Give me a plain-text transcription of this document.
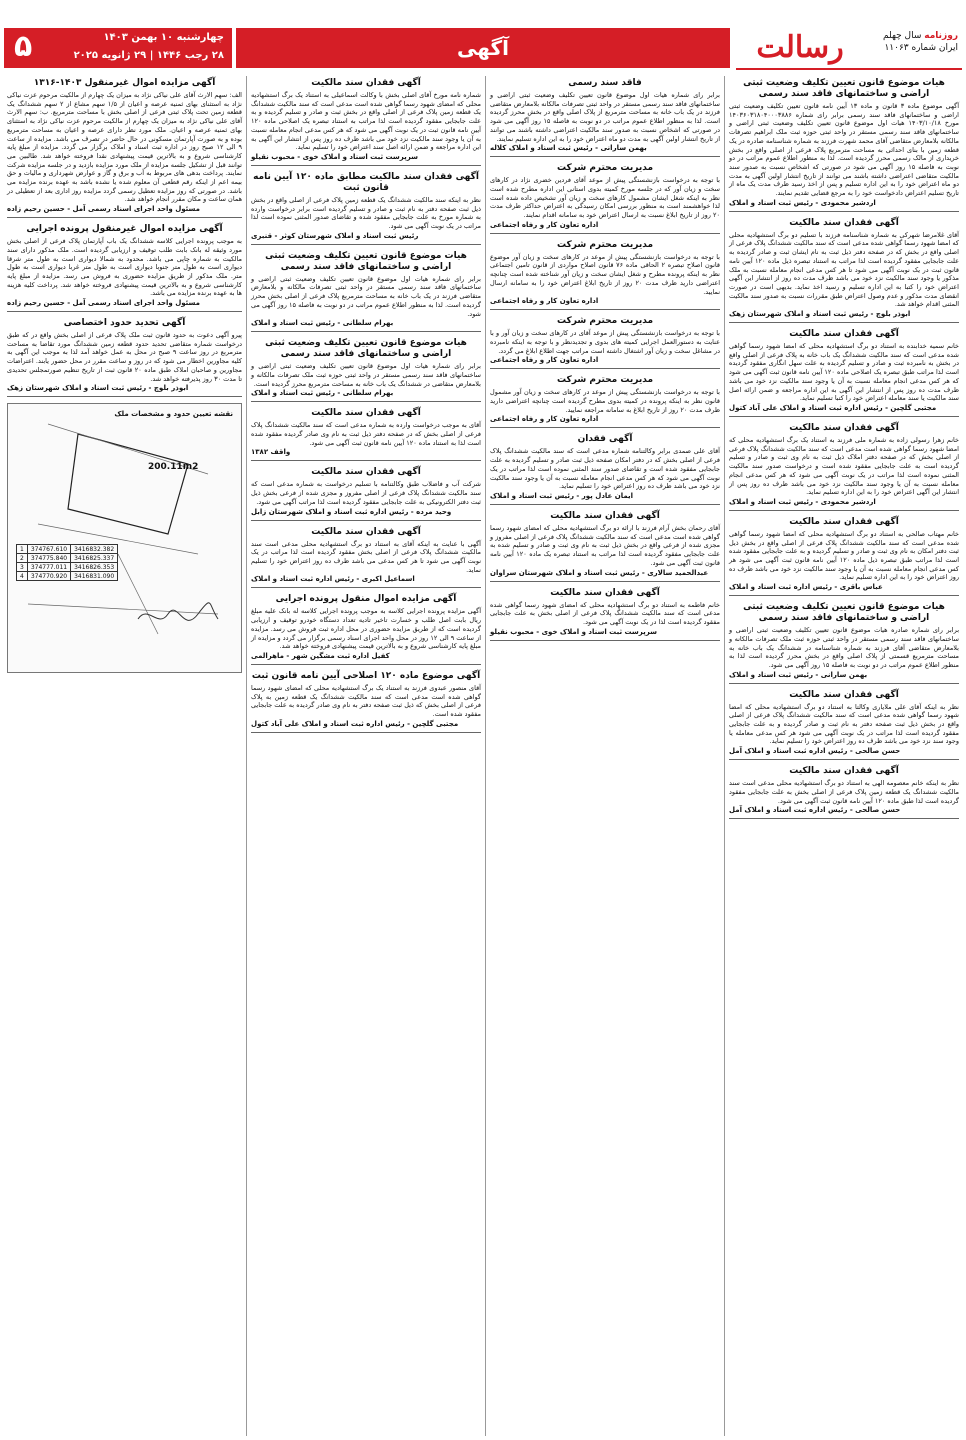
۵	چهارشنبه ۱۰ بهمن ۱۴۰۳
۲۸ رجب ۱۴۴۶ | ۲۹ ژانویه ۲۰۲۵	آگهی	رسالت	روزنامه سال چهلم
ایران شماره ۱۱۰۶۳
هیات موضوع قانون تعیین تکلیف وضعیت ثبتی اراضی و ساختمانهای فاقد سند رسمی

آگهی موضوع ماده ۳ قانون و ماده ۱۳ آیین نامه قانون تعیین تکلیف وضعیت ثبتی اراضی و ساختمانهای فاقد سند رسمی برابر رای شماره ۱۴۰۳۶۰۳۱۸۰۴۰۰۰۳۸۸۶ مورخ ۱۴۰۳/۱۰/۱۸ هیات اول موضوع قانون تعیین تکلیف وضعیت ثبتی اراضی و ساختمانهای فاقد سند رسمی مستقر در واحد ثبتی حوزه ثبت ملک ابراهیم تصرفات مالکانه بلامعارض متقاضی آقای محمد شهرت فرزند به شماره شناسنامه صادره در یک قطعه زمین با بنای احداثی به مساحت مترمربع پلاک فرعی از اصلی واقع در بخش خریداری از مالک رسمی محرز گردیده است. لذا به منظور اطلاع عموم مراتب در دو نوبت به فاصله ۱۵ روز آگهی می شود در صورتی که اشخاص نسبت به صدور سند مالکیت متقاضی اعتراضی داشته باشند می توانند از تاریخ انتشار اولین آگهی به مدت دو ماه اعتراض خود را به این اداره تسلیم و پس از اخذ رسید ظرف مدت یک ماه از تاریخ تسلیم اعتراض دادخواست خود را به مرجع قضایی تقدیم نمایند.

اردشیر محمودی - رئیس ثبت اسناد و املاک
آگهی فقدان سند مالکیت

آقای غلامرضا شهرکی به شماره شناسنامه فرزند با تسلیم دو برگ استشهادیه محلی که امضا شهود رسما گواهی شده مدعی است که سند مالکیت ششدانگ پلاک فرعی از اصلی واقع در بخش که در صفحه دفتر ذیل ثبت به نام ایشان ثبت و صادر گردیده به علت جابجایی مفقود گردیده است لذا مراتب به استناد تبصره ذیل ماده ۱۲۰ آیین نامه قانون ثبت در یک نوبت آگهی می شود تا هر کس مدعی انجام معامله نسبت به ملک مذکور یا وجود سند مالکیت نزد خود می باشد ظرف مدت ده روز از انتشار این آگهی اعتراض خود را کتبا به این اداره تسلیم و رسید اخذ نماید. بدیهی است در صورت انقضای مدت مذکور و عدم وصول اعتراض طبق مقررات نسبت به صدور سند مالکیت المثنی اقدام خواهد شد.

ابوذر بلوچ - رئیس ثبت اسناد و املاک شهرستان زهک
آگهی فقدان سند مالکیت

خانم سمیه خدابنده به استناد دو برگ استشهادیه محلی که امضا شهود رسما گواهی شده مدعی است که سند مالکیت ششدانگ یک باب خانه به پلاک فرعی از اصلی واقع در بخش به نامبرده ثبت و صادر و تسلیم گردیده به علت سهل انگاری مفقود گردیده است لذا مراتب طبق تبصره یک اصلاحی ماده ۱۲۰ آیین نامه قانون ثبت آگهی می شود که هر کس مدعی انجام معامله نسبت به آن یا وجود سند مالکیت نزد خود می باشد ظرف مدت ده روز پس از انتشار این آگهی به این اداره مراجعه و ضمن ارائه اصل سند مالکیت یا سند معامله اعتراض خود را کتبا تسلیم نماید.

مجتبی گلچین - رئیس اداره ثبت اسناد و املاک علی آباد کتول
آگهی فقدان سند مالکیت

خانم زهرا رسولی زاده به شماره ملی فرزند به استناد یک برگ استشهادیه محلی که امضا شهود رسما گواهی شده است مدعی است که سند مالکیت ششدانگ پلاک فرعی از اصلی بخش که در صفحه دفتر املاک ذیل ثبت به نام وی ثبت و صادر و تسلیم گردیده است به علت جابجایی مفقود شده است و درخواست صدور سند مالکیت المثنی نموده است لذا مراتب در یک نوبت آگهی می شود که هر کس مدعی انجام معامله نسبت به آن یا وجود سند مالکیت نزد خود می باشد ظرف ده روز پس از انتشار این آگهی اعتراض خود را به این اداره تسلیم نماید.

اردشیر محمودی - رئیس ثبت اسناد و املاک
آگهی فقدان سند مالکیت

خانم مهتاب صالحی به استناد دو برگ استشهادیه محلی که امضا شهود رسما گواهی شده مدعی است که سند مالکیت ششدانگ پلاک فرعی از اصلی واقع در بخش ذیل ثبت دفتر امکان به نام وی ثبت و صادر و تسلیم گردیده و به علت جابجایی مفقود شده است لذا مراتب طبق تبصره ذیل ماده ۱۲۰ آیین نامه قانون ثبت آگهی می شود هر کس مدعی انجام معامله نسبت به آن یا وجود سند مالکیت نزد خود می باشد ظرف ده روز اعتراض خود را به این اداره تسلیم نماید.

عباس باقری - رئیس اداره ثبت اسناد و املاک
هیات موضوع قانون تعیین تکلیف وضعیت ثبتی اراضی و ساختمانهای فاقد سند رسمی

برابر رای شماره صادره هیات موضوع قانون تعیین تکلیف وضعیت ثبتی اراضی و ساختمانهای فاقد سند رسمی مستقر در واحد ثبتی حوزه ثبت ملک تصرفات مالکانه و بلامعارض متقاضی آقای فرزند به شماره شناسنامه در ششدانگ یک باب خانه به مساحت مترمربع قسمتی از پلاک اصلی واقع در بخش محرز گردیده است لذا به منظور اطلاع عموم مراتب در دو نوبت به فاصله ۱۵ روز آگهی می شود.

بهمن سارانی - رئیس ثبت اسناد و املاک
آگهی فقدان سند مالکیت

نظر به اینکه آقای علی ملایاری وکالتا به استناد دو برگ استشهادیه محلی که امضا شهود رسما گواهی شده مدعی است که سند مالکیت ششدانگ پلاک فرعی از اصلی واقع در بخش ذیل ثبت صفحه دفتر به نام ثبت و صادر گردیده و به علت جابجایی مفقود گردیده است لذا مراتب در یک نوبت آگهی می شود هر کس مدعی معامله یا وجود سند نزد خود می باشد ظرف ده روز اعتراض خود را تسلیم نماید.

حسن صالحی - رئیس اداره ثبت اسناد و املاک آمل
آگهی فقدان سند مالکیت

نظر به اینکه خانم معصومه الهی به استناد دو برگ استشهادیه محلی مدعی است سند مالکیت ششدانگ یک قطعه زمین پلاک فرعی از اصلی بخش به علت جابجایی مفقود گردیده است لذا طبق ماده ۱۲۰ آیین نامه قانون ثبت آگهی می شود.

حسن صالحی - رئیس اداره ثبت اسناد و املاک آمل
فاقد سند رسمی

برابر رای شماره هیات اول موضوع قانون تعیین تکلیف وضعیت ثبتی اراضی و ساختمانهای فاقد سند رسمی مستقر در واحد ثبتی تصرفات مالکانه بلامعارض متقاضی فرزند در یک باب خانه به مساحت مترمربع از پلاک اصلی واقع در بخش محرز گردیده است. لذا به منظور اطلاع عموم مراتب در دو نوبت به فاصله ۱۵ روز آگهی می شود در صورتی که اشخاص نسبت به صدور سند مالکیت اعتراضی داشته باشند می توانند از تاریخ انتشار اولین آگهی به مدت دو ماه اعتراض خود را به این اداره تسلیم نمایند.

بهمن سارانی - رئیس ثبت اسناد و املاک کلاله
مدیریت محترم شرکت

با توجه به درخواست بازنشستگی پیش از موعد آقای فردین خضری نژاد در کارهای سخت و زیان آور که در جلسه مورخ کمیته بدوی استانی این اداره مطرح شده است نظر به اینکه شغل ایشان مشمول کارهای سخت و زیان آور تشخیص داده شده است لذا خواهشمند است به منظور بررسی امکان رسیدگی به اعتراض حداکثر ظرف مدت ۲۰ روز از تاریخ ابلاغ نسبت به ارسال اعتراض خود به سامانه اقدام نمایند.

اداره تعاون کار و رفاه اجتماعی
مدیریت محترم شرکت

با توجه به درخواست بازنشستگی پیش از موعد در کارهای سخت و زیان آور موضوع قانون اصلاح تبصره ۲ الحاقی ماده ۷۶ قانون اصلاح مواردی از قانون تامین اجتماعی نظر به اینکه پرونده مطرح و شغل ایشان سخت و زیان آور شناخته شده است چنانچه اعتراضی دارید ظرف مدت ۲۰ روز از تاریخ ابلاغ اعتراض خود را به سامانه ارسال نمایید.

اداره تعاون کار و رفاه اجتماعی
مدیریت محترم شرکت

با توجه به درخواست بازنشستگی پیش از موعد آقای در کارهای سخت و زیان آور و با عنایت به دستورالعمل اجرایی کمیته های بدوی و تجدیدنظر و با توجه به اینکه نامبرده در مشاغل سخت و زیان آور اشتغال داشته است مراتب جهت اطلاع ابلاغ می گردد.

اداره تعاون کار و رفاه اجتماعی
مدیریت محترم شرکت

با توجه به درخواست بازنشستگی پیش از موعد در کارهای سخت و زیان آور مشمول قانون نظر به اینکه پرونده در کمیته بدوی مطرح گردیده است چنانچه اعتراضی دارید ظرف مدت ۲۰ روز از تاریخ ابلاغ به سامانه مراجعه نمایید.

اداره تعاون کار و رفاه اجتماعی
آگهی فقدان

آقای علی صمدی برابر وکالتنامه شماره مدعی است که سند مالکیت ششدانگ پلاک فرعی از اصلی بخش که در دفتر امکان صفحه ذیل ثبت صادر و تسلیم گردیده به علت جابجایی مفقود شده است و تقاضای صدور سند المثنی نموده است لذا مراتب در یک نوبت آگهی می شود که هر کس مدعی انجام معامله نسبت به آن یا وجود سند مالکیت نزد خود می باشد ظرف ده روز اعتراض خود را تسلیم نماید.

ایمان عادل پور - رئیس ثبت اسناد و املاک
آگهی فقدان سند مالکیت

آقای رحمان بخش آرام فرزند با ارائه دو برگ استشهادیه محلی که امضای شهود رسما گواهی شده است مدعی است که سند مالکیت ششدانگ پلاک فرعی از اصلی مفروز و مجزی شده از فرعی واقع در بخش ذیل ثبت به نام وی ثبت و صادر و تسلیم شده به علت جابجایی مفقود گردیده است لذا مراتب به استناد تبصره یک ماده ۱۲۰ آیین نامه قانون ثبت آگهی می شود.

عبدالحمید سالاری - رئیس ثبت اسناد و املاک شهرستان سراوان
آگهی فقدان سند مالکیت

خانم فاطمه به استناد دو برگ استشهادیه محلی که امضای شهود رسما گواهی شده مدعی است که سند مالکیت ششدانگ پلاک فرعی از اصلی بخش به علت جابجایی مفقود گردیده است لذا در یک نوبت آگهی می شود.

سرپرست ثبت اسناد و املاک خوی - محبوب نقیلو
آگهی فقدان سند مالکیت

شماره نامه مورخ آقای اصلی بخش با وکالت اسماعیلی به استناد یک برگ استشهادیه محلی که امضای شهود رسما گواهی شده است مدعی است که سند مالکیت ششدانگ یک قطعه زمین پلاک فرعی از اصلی واقع در بخش ثبت و صادر و تسلیم گردیده و به علت جابجایی مفقود گردیده است لذا مراتب به استناد تبصره یک اصلاحی ماده ۱۲۰ آیین نامه قانون ثبت در یک نوبت آگهی می شود که هر کس مدعی انجام معامله نسبت به آن یا وجود سند مالکیت نزد خود می باشد ظرف ده روز پس از انتشار این آگهی به این اداره مراجعه و ضمن ارائه اصل سند اعتراض خود را تسلیم نماید.

سرپرست ثبت اسناد و املاک خوی - محبوب نقیلو
آگهی فقدان سند مالکیت مطابق ماده ۱۲۰ آیین نامه قانون ثبت

نظر به اینکه سند مالکیت ششدانگ یک قطعه زمین پلاک فرعی از اصلی واقع در بخش ذیل ثبت صفحه دفتر به نام ثبت و صادر و تسلیم گردیده است برابر درخواست وارده به شماره مورخ به علت جابجایی مفقود شده و تقاضای صدور المثنی نموده است لذا مراتب در یک نوبت آگهی می شود.

رئیس ثبت اسناد و املاک شهرستان کوثر - قنبری
هیات موضوع قانون تعیین تکلیف وضعیت ثبتی اراضی و ساختمانهای فاقد سند رسمی

برابر رای شماره هیات اول موضوع قانون تعیین تکلیف وضعیت ثبتی اراضی و ساختمانهای فاقد سند رسمی مستقر در واحد ثبتی تصرفات مالکانه و بلامعارض متقاضی فرزند در یک باب خانه به مساحت مترمربع پلاک فرعی از اصلی بخش محرز گردیده است. لذا به منظور اطلاع عموم مراتب در دو نوبت به فاصله ۱۵ روز آگهی می شود.

بهرام سلطانی - رئیس ثبت اسناد و املاک
هیات موضوع قانون تعیین تکلیف وضعیت ثبتی اراضی و ساختمانهای فاقد سند رسمی

برابر رای شماره هیات اول موضوع قانون تعیین تکلیف وضعیت ثبتی اراضی و ساختمانهای فاقد سند رسمی مستقر در واحد ثبتی حوزه ثبت ملک تصرفات مالکانه و بلامعارض متقاضی در ششدانگ یک باب خانه به مساحت مترمربع محرز گردیده است.

بهرام سلطانی - رئیس ثبت اسناد و املاک
آگهی فقدان سند مالکیت

آقای به موجب درخواست وارده به شماره مدعی است که سند مالکیت ششدانگ پلاک فرعی از اصلی بخش که در صفحه دفتر ذیل ثبت به نام وی صادر گردیده مفقود شده است لذا به استناد ماده ۱۲۰ آیین نامه قانون ثبت آگهی می شود.

واقف ۱۳۸۲
آگهی فقدان سند مالکیت

شرکت آب و فاضلاب طبق وکالتنامه با تسلیم درخواست به شماره مدعی است که سند مالکیت ششدانگ پلاک فرعی از اصلی مفروز و مجزی شده از فرعی بخش ذیل ثبت دفتر الکترونیکی به علت جابجایی مفقود گردیده است لذا مراتب آگهی می شود.

وحید مرده - رئیس اداره ثبت اسناد و املاک شهرستان زابل
آگهی فقدان سند مالکیت

آگهی با عنایت به اینکه آقای به استناد دو برگ استشهادیه محلی مدعی است سند مالکیت ششدانگ پلاک فرعی از اصلی بخش مفقود گردیده است لذا مراتب در یک نوبت آگهی می شود تا هر کس مدعی می باشد ظرف ده روز اعتراض خود را تسلیم نماید.

اسماعیل اکبری - رئیس اداره ثبت اسناد و املاک
آگهی مزایده اموال منقول پرونده اجرایی

آگهی مزایده پرونده اجرایی کلاسه به موجب پرونده اجرایی کلاسه له بانک علیه مبلغ ریال بابت اصل طلب و خسارت تاخیر تادیه تعداد دستگاه خودرو توقیف و ارزیابی گردیده است که از طریق مزایده حضوری در محل اداره ثبت فروش می رسد. مزایده از ساعت ۹ الی ۱۲ روز در محل واحد اجرای اسناد رسمی برگزار می گردد و مزایده از مبلغ پایه کارشناسی شروع و به بالاترین قیمت پیشنهادی فروخته خواهد شد.

کفیل اداره ثبت مشگین شهر - ماهرالمی
آگهی موضوع ماده ۱۲۰ اصلاحی آیین نامه قانون ثبت

آقای منصور عبدوی فرزند به استناد یک برگ استشهادیه محلی که امضای شهود رسما گواهی شده است مدعی است که سند مالکیت ششدانگ یک قطعه زمین به پلاک فرعی از اصلی بخش که ذیل ثبت صفحه دفتر به نام وی صادر گردیده به علت جابجایی مفقود شده است.

مجتبی گلچین - رئیس اداره ثبت اسناد و املاک علی آباد کتول
آگهی مزایده اموال غیرمنقول ۱۴۰۳-۱۳۱۶

الف: سهم الارث آقای علی نیاکی نژاد به میزان یک چهارم از مالکیت مرحوم عزت نیاکی نژاد به استثنای بهای ثمنیه عرصه و اعیان از ۱/۵ سهم مشاع از ۲ سهم ششدانگ یک قطعه زمین تحت پلاک ثبتی فرعی از اصلی بخش با مساحت مترمربع. ب: سهم الارث آقای علی نیاکی نژاد به میزان یک چهارم از مالکیت مرحوم عزت نیاکی نژاد به استثنای بهای ثمنیه عرصه و اعیان. ملک مورد نظر دارای عرصه و اعیان به مساحت مترمربع بوده و به صورت آپارتمان مسکونی در حال حاضر در تصرف می باشد. مزایده از ساعت ۹ الی ۱۲ صبح روز در اداره ثبت اسناد و املاک برگزار می گردد. مزایده از مبلغ پایه کارشناسی شروع و به بالاترین قیمت پیشنهادی نقدا فروخته خواهد شد. طالبین می توانند قبل از تشکیل جلسه مزایده از ملک مورد مزایده بازدید و در جلسه مزایده شرکت نمایند. پرداخت بدهی های مربوط به آب و برق و گاز و عوارض شهرداری و مالیات و حق بیمه اعم از اینکه رقم قطعی آن معلوم شده یا نشده باشد به عهده برنده مزایده می باشد. در صورتی که روز مزایده تعطیل رسمی گردد مزایده روز اداری بعد از تعطیلی در همان ساعت و مکان مقرر انجام خواهد شد.

مسئول واحد اجرای اسناد رسمی آمل - حسین رحیم زاده
آگهی مزایده اموال غیرمنقول پرونده اجرایی

به موجب پرونده اجرایی کلاسه ششدانگ یک باب آپارتمان پلاک فرعی از اصلی بخش مورد وثیقه له بانک بابت طلب توقیف و ارزیابی گردیده است. ملک مذکور دارای سند مالکیت به شماره چاپی می باشد. محدود به شمالا دیواری است به طول متر شرقا دیواری است به طول متر جنوبا دیواری است به طول متر غربا دیواری است به طول متر. ملک مذکور از طریق مزایده حضوری به فروش می رسد. مزایده از مبلغ پایه کارشناسی شروع و به بالاترین قیمت پیشنهادی فروخته خواهد شد. پرداخت کلیه هزینه ها به عهده برنده مزایده می باشد.

مسئول واحد اجرای اسناد رسمی آمل - حسین رحیم زاده
آگهی تحدید حدود اختصاصی

پیرو آگهی دعوت به حدود قانون ثبت ملک پلاک فرعی از اصلی بخش واقع در که طبق درخواست شماره متقاضی تحدید حدود قطعه زمین ششدانگ مورد تقاضا به مساحت مترمربع در روز ساعت ۹ صبح در محل به عمل خواهد آمد لذا به موجب این آگهی به کلیه مجاورین اخطار می شود که در روز و ساعت مقرر در محل حضور یابند. اعتراضات مجاورین و صاحبان املاک طبق ماده ۲۰ قانون ثبت از تاریخ تنظیم صورتمجلس تحدیدی تا مدت ۳۰ روز پذیرفته خواهد شد.

ابوذر بلوچ - رئیس ثبت اسناد و املاک شهرستان زهک
نقشه تعیین حدود و مشخصات ملک
200.11m2
1	374767.610	3416832.382
2	374775.840	3416825.337
3	374777.011	3416826.353
4	374770.920	3416831.090
